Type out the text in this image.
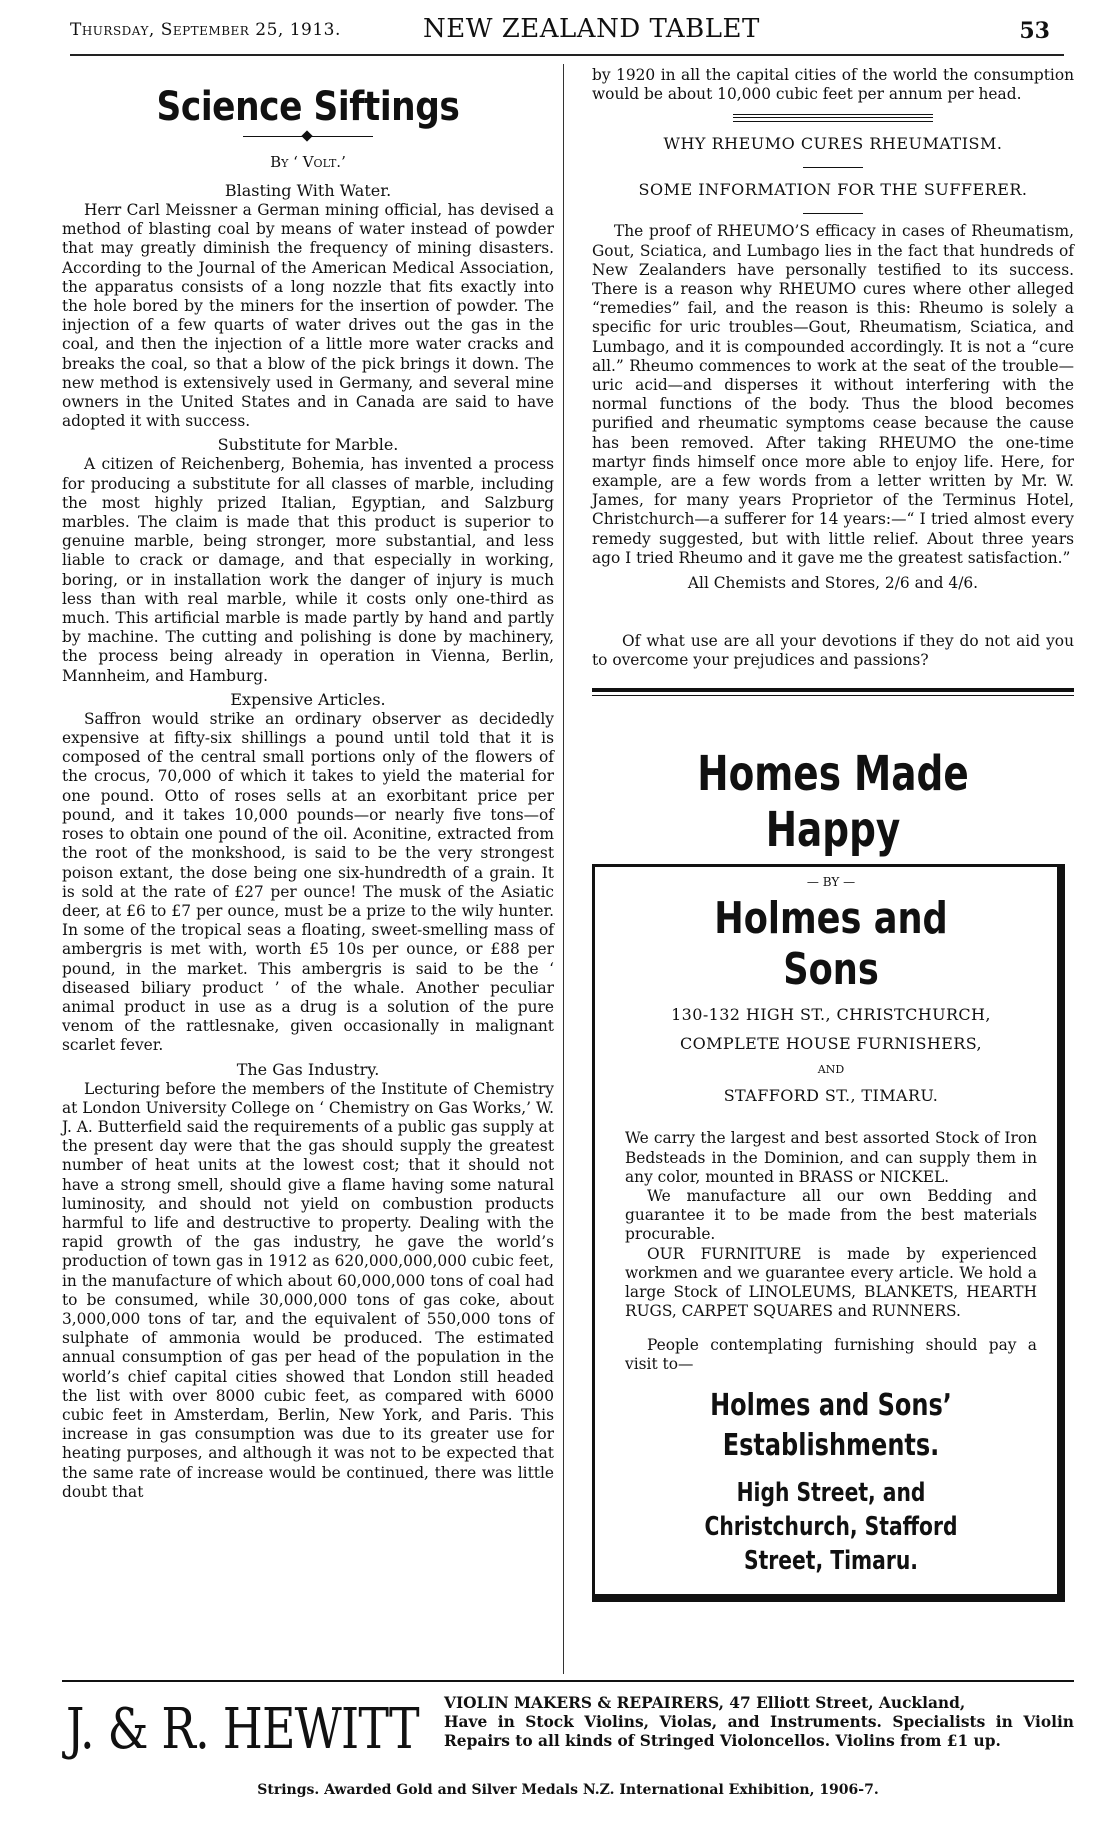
Thursday, September 25, 1913.	NEW ZEALAND TABLET	53
Science Siftings
By ‘ Volt.’
Blasting With Water.

Herr Carl Meissner a German mining official, has devised a method of blasting coal by means of water instead of powder that may greatly diminish the frequency of mining disasters. According to the Journal of the American Medical Association, the apparatus consists of a long nozzle that fits exactly into the hole bored by the miners for the insertion of powder. The injection of a few quarts of water drives out the gas in the coal, and then the injection of a little more water cracks and breaks the coal, so that a blow of the pick brings it down. The new method is extensively used in Germany, and several mine owners in the United States and in Canada are said to have adopted it with success.

Substitute for Marble.

A citizen of Reichenberg, Bohemia, has invented a process for producing a substitute for all classes of marble, including the most highly prized Italian, Egyptian, and Salzburg marbles. The claim is made that this product is superior to genuine marble, being stronger, more substantial, and less liable to crack or damage, and that especially in working, boring, or in installation work the danger of injury is much less than with real marble, while it costs only one-third as much. This artificial marble is made partly by hand and partly by machine. The cutting and polishing is done by machinery, the process being already in operation in Vienna, Berlin, Mannheim, and Hamburg.

Expensive Articles.

Saffron would strike an ordinary observer as decidedly expensive at fifty-six shillings a pound until told that it is composed of the central small portions only of the flowers of the crocus, 70,000 of which it takes to yield the material for one pound. Otto of roses sells at an exorbitant price per pound, and it takes 10,000 pounds—or nearly five tons—of roses to obtain one pound of the oil. Aconitine, extracted from the root of the monkshood, is said to be the very strongest poison extant, the dose being one six-hundredth of a grain. It is sold at the rate of £27 per ounce! The musk of the Asiatic deer, at £6 to £7 per ounce, must be a prize to the wily hunter. In some of the tropical seas a floating, sweet-smelling mass of ambergris is met with, worth £5 10s per ounce, or £88 per pound, in the market. This ambergris is said to be the ‘ diseased biliary product ’ of the whale. Another peculiar animal product in use as a drug is a solution of the pure venom of the rattlesnake, given occasionally in malignant scarlet fever.

The Gas Industry.

Lecturing before the members of the Institute of Chemistry at London University College on ‘ Chemistry on Gas Works,’ W. J. A. Butterfield said the requirements of a public gas supply at the present day were that the gas should supply the greatest number of heat units at the lowest cost; that it should not have a strong smell, should give a flame having some natural luminosity, and should not yield on combustion products harmful to life and destructive to property. Dealing with the rapid growth of the gas industry, he gave the world’s production of town gas in 1912 as 620,000,000,000 cubic feet, in the manufacture of which about 60,000,000 tons of coal had to be consumed, while 30,000,000 tons of gas coke, about 3,000,000 tons of tar, and the equivalent of 550,000 tons of sulphate of ammonia would be produced. The estimated annual consumption of gas per head of the population in the world’s chief capital cities showed that London still headed the list with over 8000 cubic feet, as compared with 6000 cubic feet in Amsterdam, Berlin, New York, and Paris. This increase in gas consumption was due to its greater use for heating purposes, and although it was not to be expected that the same rate of increase would be continued, there was little doubt that

by 1920 in all the capital cities of the world the consumption would be about 10,000 cubic feet per annum per head.
WHY RHEUMO CURES RHEUMATISM.
SOME INFORMATION FOR THE SUFFERER.
The proof of RHEUMO’S efficacy in cases of Rheumatism, Gout, Sciatica, and Lumbago lies in the fact that hundreds of New Zealanders have personally testified to its success. There is a reason why RHEUMO cures where other alleged “remedies” fail, and the reason is this: Rheumo is solely a specific for uric troubles—Gout, Rheumatism, Sciatica, and Lumbago, and it is compounded accordingly. It is not a “cure all.” Rheumo commences to work at the seat of the trouble—uric acid—and disperses it without interfering with the normal functions of the body. Thus the blood becomes purified and rheumatic symptoms cease because the cause has been removed. After taking RHEUMO the one-time martyr finds himself once more able to enjoy life. Here, for example, are a few words from a letter written by Mr. W. James, for many years Proprietor of the Terminus Hotel, Christchurch—a sufferer for 14 years:—“ I tried almost every remedy suggested, but with little relief. About three years ago I tried Rheumo and it gave me the greatest satisfaction.”
All Chemists and Stores, 2/6 and 4/6.
Of what use are all your devotions if they do not aid you to overcome your prejudices and passions?
Homes Made Happy
— BY —
Holmes and Sons
130-132 HIGH ST., CHRISTCHURCH,
COMPLETE HOUSE FURNISHERS,
AND
STAFFORD ST., TIMARU.
We carry the largest and best assorted Stock of Iron Bedsteads in the Dominion, and can supply them in any color, mounted in BRASS or NICKEL.
We manufacture all our own Bedding and guarantee it to be made from the best materials procurable.
OUR FURNITURE is made by experienced workmen and we guarantee every article. We hold a large Stock of LINOLEUMS, BLANKETS, HEARTH RUGS, CARPET SQUARES and RUNNERS.
People contemplating furnishing should pay a visit to—
Holmes and Sons’ Establishments.
High Street, and Christchurch, Stafford Street, Timaru.
J. & R. HEWITT VIOLIN MAKERS & REPAIRERS, 47 Elliott Street, Auckland,
Have in Stock Violins, Violas, and Instruments. Specialists in Violin Repairs to all kinds of Stringed Violoncellos. Violins from £1 up.
Strings. Awarded Gold and Silver Medals N.Z. International Exhibition, 1906-7.
